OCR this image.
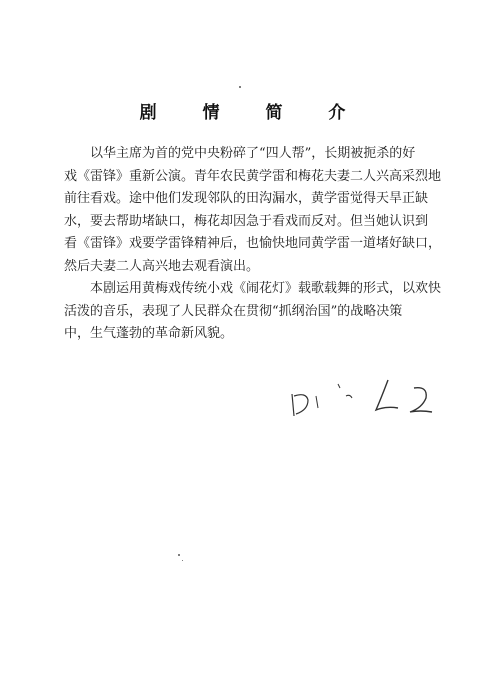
剧 情 简 介
以华主席为首的党中央粉碎了“四人帮”，长期被扼杀的好
戏《雷锋》重新公演。青年农民黄学雷和梅花夫妻二人兴高采烈地
前往看戏。途中他们发现邻队的田沟漏水，黄学雷觉得天旱正缺
水，要去帮助堵缺口，梅花却因急于看戏而反对。但当她认识到
看《雷锋》戏要学雷锋精神后，也愉快地同黄学雷一道堵好缺口，
然后夫妻二人高兴地去观看演出。
本剧运用黄梅戏传统小戏《闹花灯》载歌载舞的形式，以欢快
活泼的音乐，表现了人民群众在贯彻“抓纲治国”的战略决策
中，生气蓬勃的革命新风貌。
